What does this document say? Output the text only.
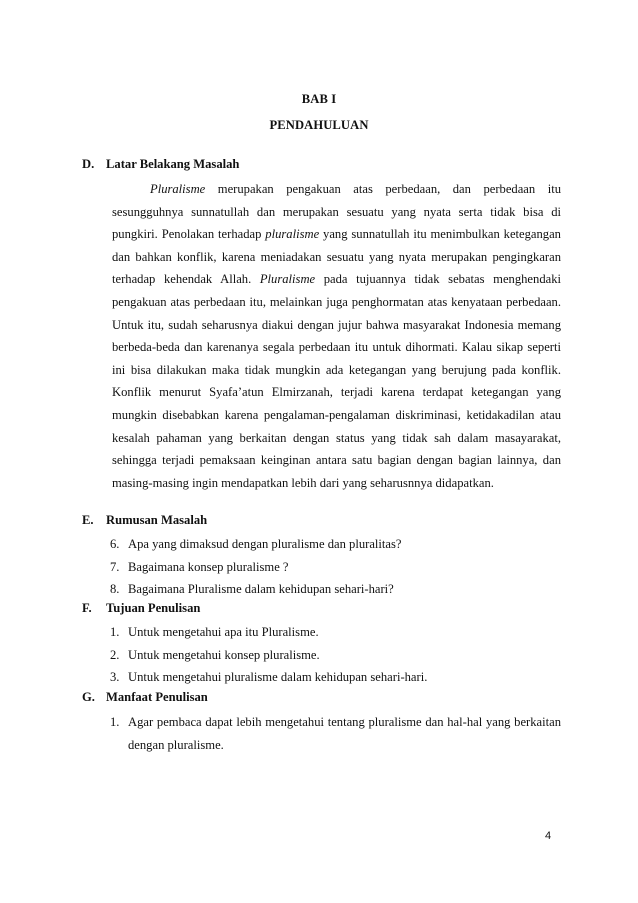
BAB I
PENDAHULUAN
D. Latar Belakang Masalah

Pluralisme merupakan pengakuan atas perbedaan, dan perbedaan itu sesungguhnya sunnatullah dan merupakan sesuatu yang nyata serta tidak bisa di pungkiri. Penolakan terhadap pluralisme yang sunnatullah itu menimbulkan ketegangan dan bahkan konflik, karena meniadakan sesuatu yang nyata merupakan pengingkaran terhadap kehendak Allah. Pluralisme pada tujuannya tidak sebatas menghendaki pengakuan atas perbedaan itu, melainkan juga penghormatan atas kenyataan perbedaan. Untuk itu, sudah seharusnya diakui dengan jujur bahwa masyarakat Indonesia memang berbeda-beda dan karenanya segala perbedaan itu untuk dihormati. Kalau sikap seperti ini bisa dilakukan maka tidak mungkin ada ketegangan yang berujung pada konflik. Konflik menurut Syafa’atun Elmirzanah, terjadi karena terdapat ketegangan yang mungkin disebabkan karena pengalaman-pengalaman diskriminasi, ketidakadilan atau kesalah pahaman yang berkaitan dengan status yang tidak sah dalam masayarakat, sehingga terjadi pemaksaan keinginan antara satu bagian dengan bagian lainnya, dan masing-masing ingin mendapatkan lebih dari yang seharusnnya didapatkan.

E. Rumusan Masalah
6. Apa yang dimaksud dengan pluralisme dan pluralitas?
7. Bagaimana konsep pluralisme ?
8. Bagaimana Pluralisme dalam kehidupan sehari-hari?
F. Tujuan Penulisan
1. Untuk mengetahui apa itu Pluralisme.
2. Untuk mengetahui konsep pluralisme.
3. Untuk mengetahui pluralisme dalam kehidupan sehari-hari.
G. Manfaat Penulisan
1. Agar pembaca dapat lebih mengetahui tentang pluralisme dan hal-hal yang berkaitan dengan pluralisme.
4
